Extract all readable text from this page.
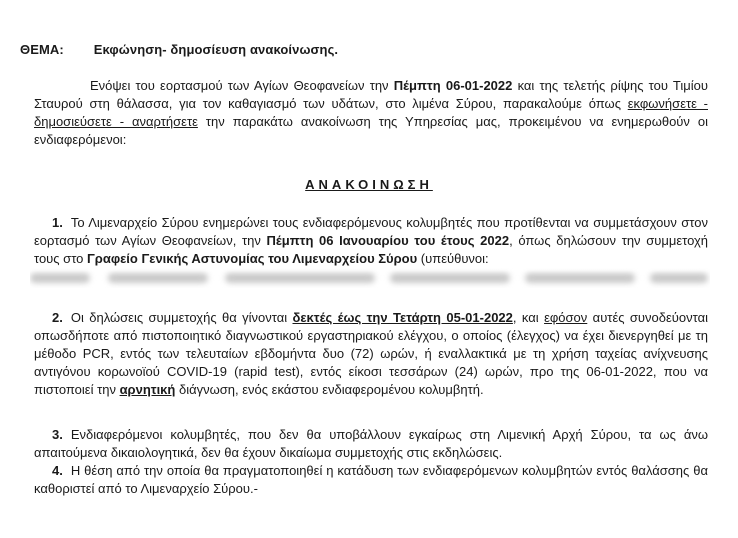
ΘΕΜΑ: Εκφώνηση- δημοσίευση ανακοίνωσης.
Ενόψει του εορτασμού των Αγίων Θεοφανείων την Πέμπτη 06-01-2022 και της τελετής ρίψης του Τιμίου Σταυρού στη θάλασσα, για τον καθαγιασμό των υδάτων, στο λιμένα Σύρου, παρακαλούμε όπως εκφωνήσετε - δημοσιεύσετε - αναρτήσετε την παρακάτω ανακοίνωση της Υπηρεσίας μας, προκειμένου να ενημερωθούν οι ενδιαφερόμενοι:
ΑΝΑΚΟΙΝΩΣΗ
1. Το Λιμεναρχείο Σύρου ενημερώνει τους ενδιαφερόμενους κολυμβητές που προτίθενται να συμμετάσχουν στον εορτασμό των Αγίων Θεοφανείων, την Πέμπτη 06 Ιανουαρίου του έτους 2022, όπως δηλώσουν την συμμετοχή τους στο Γραφείο Γενικής Αστυνομίας του Λιμεναρχείου Σύρου (υπεύθυνοι:
2. Οι δηλώσεις συμμετοχής θα γίνονται δεκτές έως την Τετάρτη 05-01-2022, και εφόσον αυτές συνοδεύονται οπωσδήποτε από πιστοποιητικό διαγνωστικού εργαστηριακού ελέγχου, ο οποίος (έλεγχος) να έχει διενεργηθεί με τη μέθοδο PCR, εντός των τελευταίων εβδομήντα δυο (72) ωρών, ή εναλλακτικά με τη χρήση ταχείας ανίχνευσης αντιγόνου κορωνοϊού COVID-19 (rapid test), εντός είκοσι τεσσάρων (24) ωρών, προ της 06-01-2022, που να πιστοποιεί την αρνητική διάγνωση, ενός εκάστου ενδιαφερομένου κολυμβητή.
3. Ενδιαφερόμενοι κολυμβητές, που δεν θα υποβάλλουν εγκαίρως στη Λιμενική Αρχή Σύρου, τα ως άνω απαιτούμενα δικαιολογητικά, δεν θα έχουν δικαίωμα συμμετοχής στις εκδηλώσεις.
4. Η θέση από την οποία θα πραγματοποιηθεί η κατάδυση των ενδιαφερόμενων κολυμβητών εντός θαλάσσης θα καθοριστεί από το Λιμεναρχείο Σύρου.-
